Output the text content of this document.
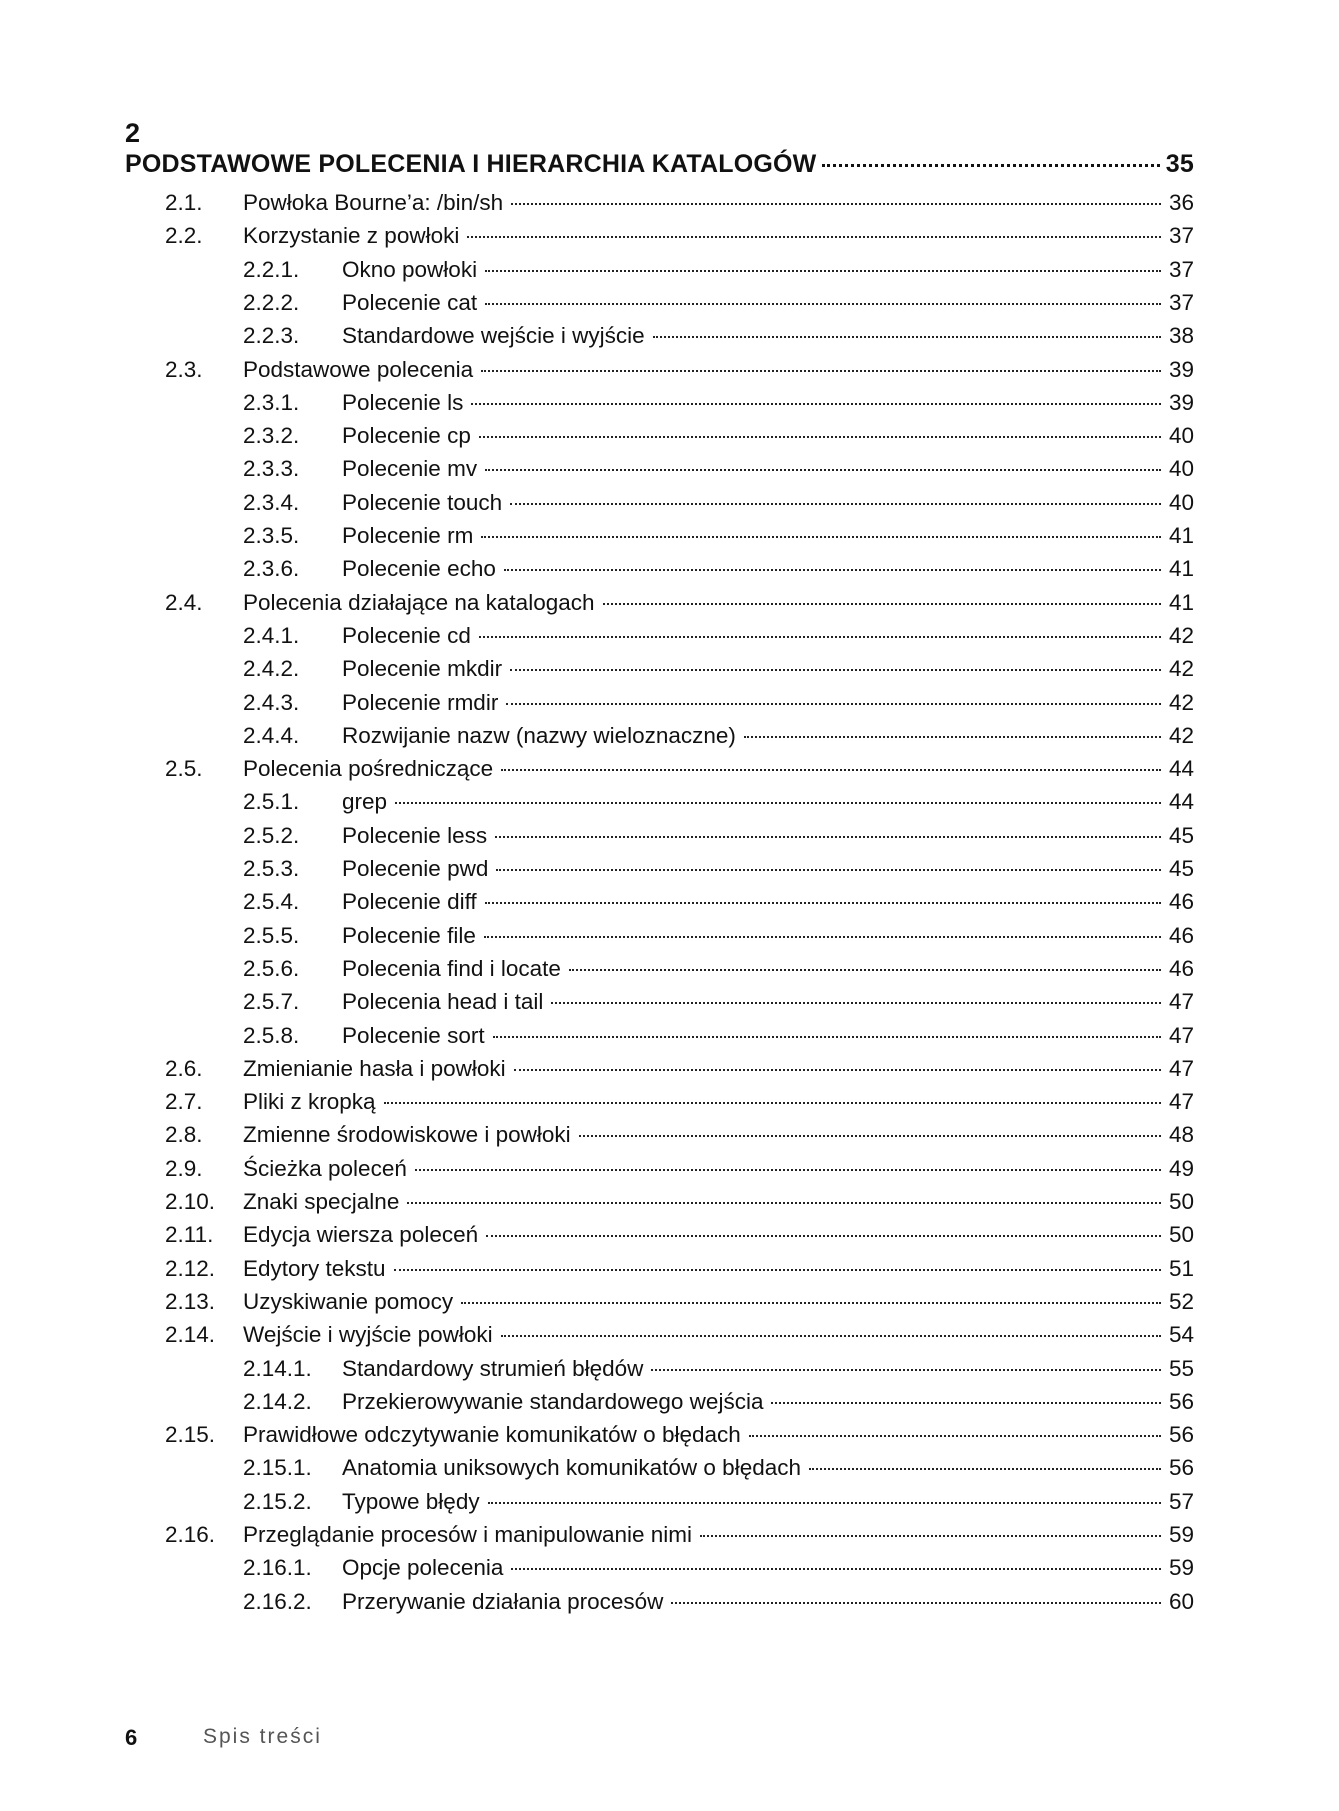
2
PODSTAWOWE POLECENIA I HIERARCHIA KATALOGÓW	35
2.1. Powłoka Bourne’a: /bin/sh	36
2.2. Korzystanie z powłoki	37
2.2.1. Okno powłoki	37
2.2.2. Polecenie cat	37
2.2.3. Standardowe wejście i wyjście	38
2.3. Podstawowe polecenia	39
2.3.1. Polecenie ls	39
2.3.2. Polecenie cp	40
2.3.3. Polecenie mv	40
2.3.4. Polecenie touch	40
2.3.5. Polecenie rm	41
2.3.6. Polecenie echo	41
2.4. Polecenia działające na katalogach	41
2.4.1. Polecenie cd	42
2.4.2. Polecenie mkdir	42
2.4.3. Polecenie rmdir	42
2.4.4. Rozwijanie nazw (nazwy wieloznaczne)	42
2.5. Polecenia pośredniczące	44
2.5.1. grep	44
2.5.2. Polecenie less	45
2.5.3. Polecenie pwd	45
2.5.4. Polecenie diff	46
2.5.5. Polecenie file	46
2.5.6. Polecenia find i locate	46
2.5.7. Polecenia head i tail	47
2.5.8. Polecenie sort	47
2.6. Zmienianie hasła i powłoki	47
2.7. Pliki z kropką	47
2.8. Zmienne środowiskowe i powłoki	48
2.9. Ścieżka poleceń	49
2.10. Znaki specjalne	50
2.11. Edycja wiersza poleceń	50
2.12. Edytory tekstu	51
2.13. Uzyskiwanie pomocy	52
2.14. Wejście i wyjście powłoki	54
2.14.1. Standardowy strumień błędów	55
2.14.2. Przekierowywanie standardowego wejścia	56
2.15. Prawidłowe odczytywanie komunikatów o błędach	56
2.15.1. Anatomia uniksowych komunikatów o błędach	56
2.15.2. Typowe błędy	57
2.16. Przeglądanie procesów i manipulowanie nimi	59
2.16.1. Opcje polecenia	59
2.16.2. Przerywanie działania procesów	60
6	Spis treści
